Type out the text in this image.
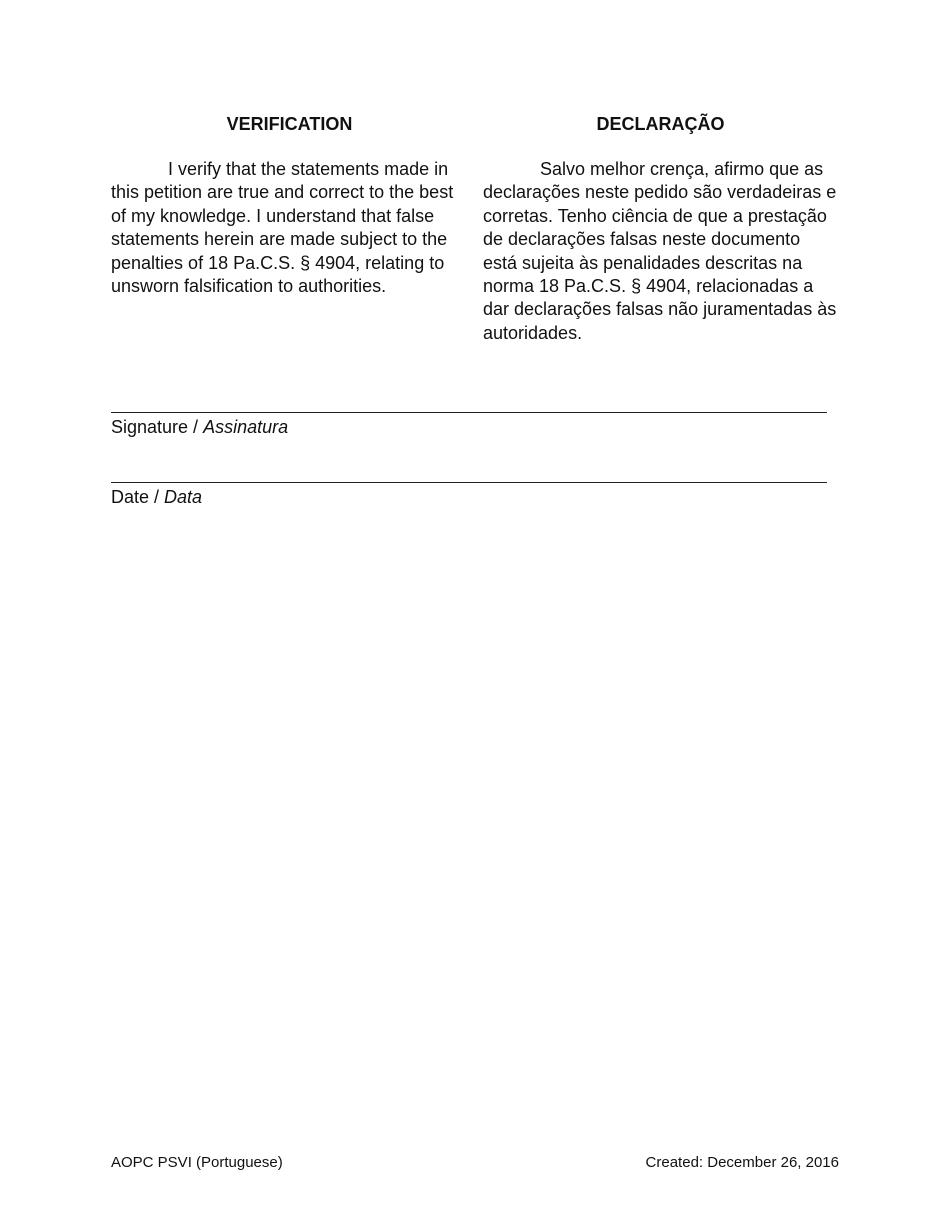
VERIFICATION

I verify that the statements made in this petition are true and correct to the best of my knowledge. I understand that false statements herein are made subject to the penalties of 18 Pa.C.S. § 4904, relating to unsworn falsification to authorities.

DECLARAÇÃO

Salvo melhor crença, afirmo que as declarações neste pedido são verdadeiras e corretas. Tenho ciência de que a prestação de declarações falsas neste documento está sujeita às penalidades descritas na norma 18 Pa.C.S. § 4904, relacionadas a dar declarações falsas não juramentadas às autoridades.

Signature / Assinatura
Date / Data
AOPC PSVI (Portuguese)	Created: December 26, 2016
